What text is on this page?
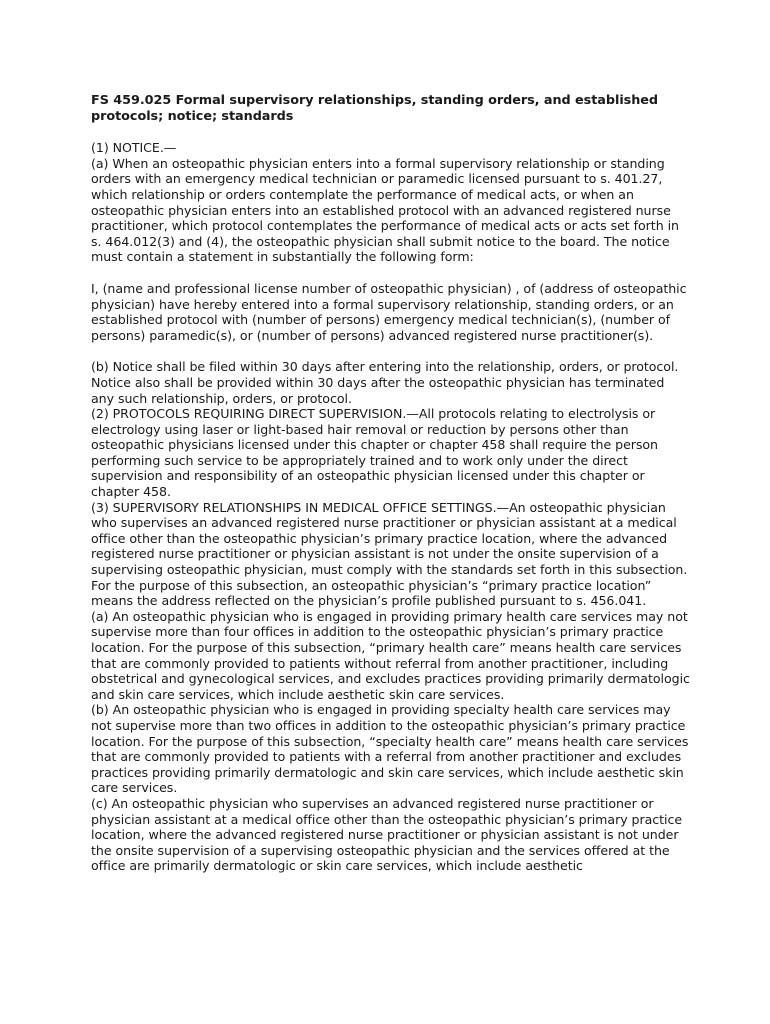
FS 459.025 Formal supervisory relationships, standing orders, and established protocols; notice; standards

(1) NOTICE.—

(a) When an osteopathic physician enters into a formal supervisory relationship or standing orders with an emergency medical technician or paramedic licensed pursuant to s. 401.27, which relationship or orders contemplate the performance of medical acts, or when an osteopathic physician enters into an established protocol with an advanced registered nurse practitioner, which protocol contemplates the performance of medical acts or acts set forth in s. 464.012(3) and (4), the osteopathic physician shall submit notice to the board. The notice must contain a statement in substantially the following form:

I, (name and professional license number of osteopathic physician) , of (address of osteopathic physician) have hereby entered into a formal supervisory relationship, standing orders, or an established protocol with (number of persons) emergency medical technician(s), (number of persons) paramedic(s), or (number of persons) advanced registered nurse practitioner(s).

(b) Notice shall be filed within 30 days after entering into the relationship, orders, or protocol. Notice also shall be provided within 30 days after the osteopathic physician has terminated any such relationship, orders, or protocol.

(2) PROTOCOLS REQUIRING DIRECT SUPERVISION.—All protocols relating to electrolysis or electrology using laser or light-based hair removal or reduction by persons other than osteopathic physicians licensed under this chapter or chapter 458 shall require the person performing such service to be appropriately trained and to work only under the direct supervision and responsibility of an osteopathic physician licensed under this chapter or chapter 458.

(3) SUPERVISORY RELATIONSHIPS IN MEDICAL OFFICE SETTINGS.—An osteopathic physician who supervises an advanced registered nurse practitioner or physician assistant at a medical office other than the osteopathic physician’s primary practice location, where the advanced registered nurse practitioner or physician assistant is not under the onsite supervision of a supervising osteopathic physician, must comply with the standards set forth in this subsection. For the purpose of this subsection, an osteopathic physician’s “primary practice location” means the address reflected on the physician’s profile published pursuant to s. 456.041.

(a) An osteopathic physician who is engaged in providing primary health care services may not supervise more than four offices in addition to the osteopathic physician’s primary practice location. For the purpose of this subsection, “primary health care” means health care services that are commonly provided to patients without referral from another practitioner, including obstetrical and gynecological services, and excludes practices providing primarily dermatologic and skin care services, which include aesthetic skin care services.

(b) An osteopathic physician who is engaged in providing specialty health care services may not supervise more than two offices in addition to the osteopathic physician’s primary practice location. For the purpose of this subsection, “specialty health care” means health care services that are commonly provided to patients with a referral from another practitioner and excludes practices providing primarily dermatologic and skin care services, which include aesthetic skin care services.

(c) An osteopathic physician who supervises an advanced registered nurse practitioner or physician assistant at a medical office other than the osteopathic physician’s primary practice location, where the advanced registered nurse practitioner or physician assistant is not under the onsite supervision of a supervising osteopathic physician and the services offered at the office are primarily dermatologic or skin care services, which include aesthetic
